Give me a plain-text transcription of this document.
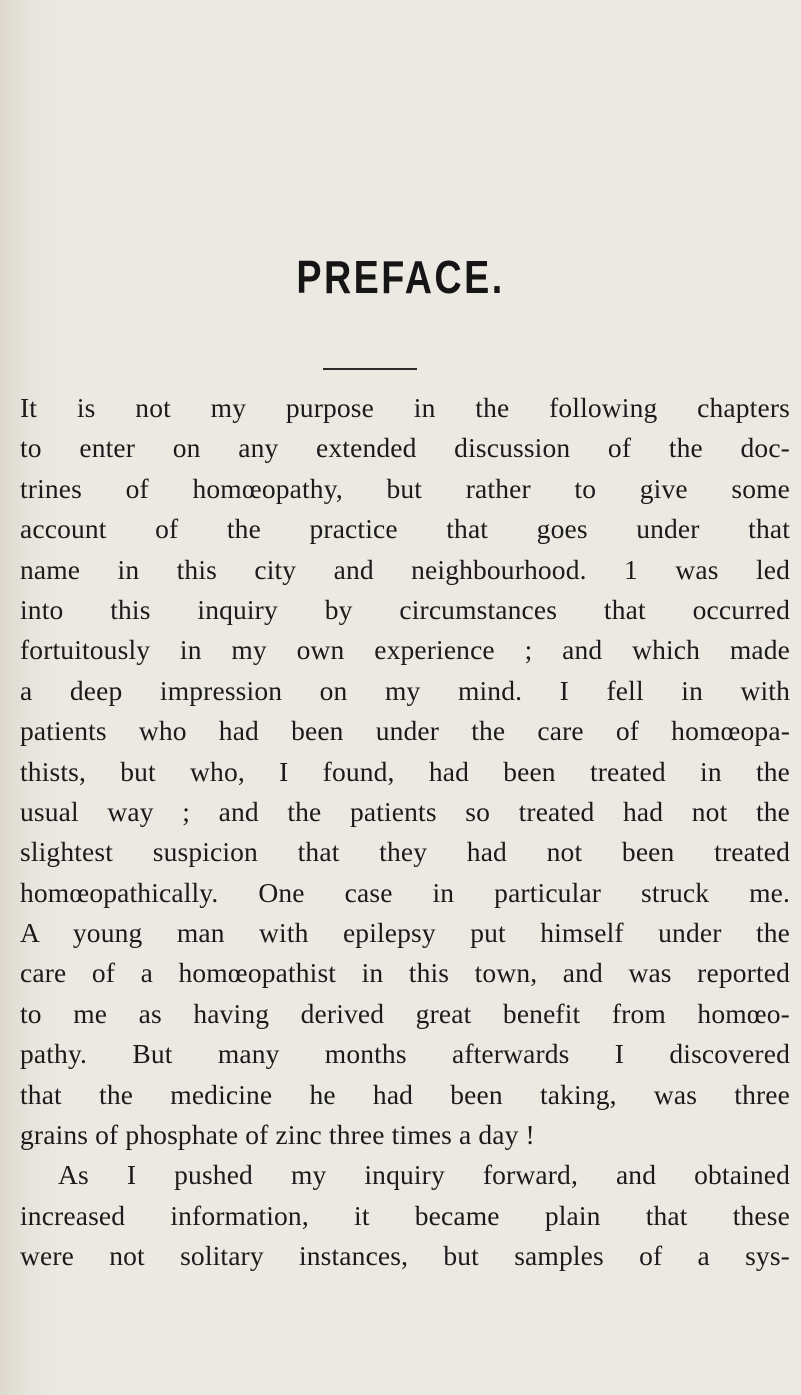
PREFACE.
It is not my purpose in the following chapters
to enter on any extended discussion of the doc-
trines of homœopathy, but rather to give some
account of the practice that goes under that
name in this city and neighbourhood. 1 was led
into this inquiry by circumstances that occurred
fortuitously in my own experience ; and which made
a deep impression on my mind. I fell in with
patients who had been under the care of homœopa-
thists, but who, I found, had been treated in the
usual way ; and the patients so treated had not the
slightest suspicion that they had not been treated
homœopathically. One case in particular struck me.
A young man with epilepsy put himself under the
care of a homœopathist in this town, and was reported
to me as having derived great benefit from homœo-
pathy. But many months afterwards I discovered
that the medicine he had been taking, was three
grains of phosphate of zinc three times a day !
As I pushed my inquiry forward, and obtained
increased information, it became plain that these
were not solitary instances, but samples of a sys-
